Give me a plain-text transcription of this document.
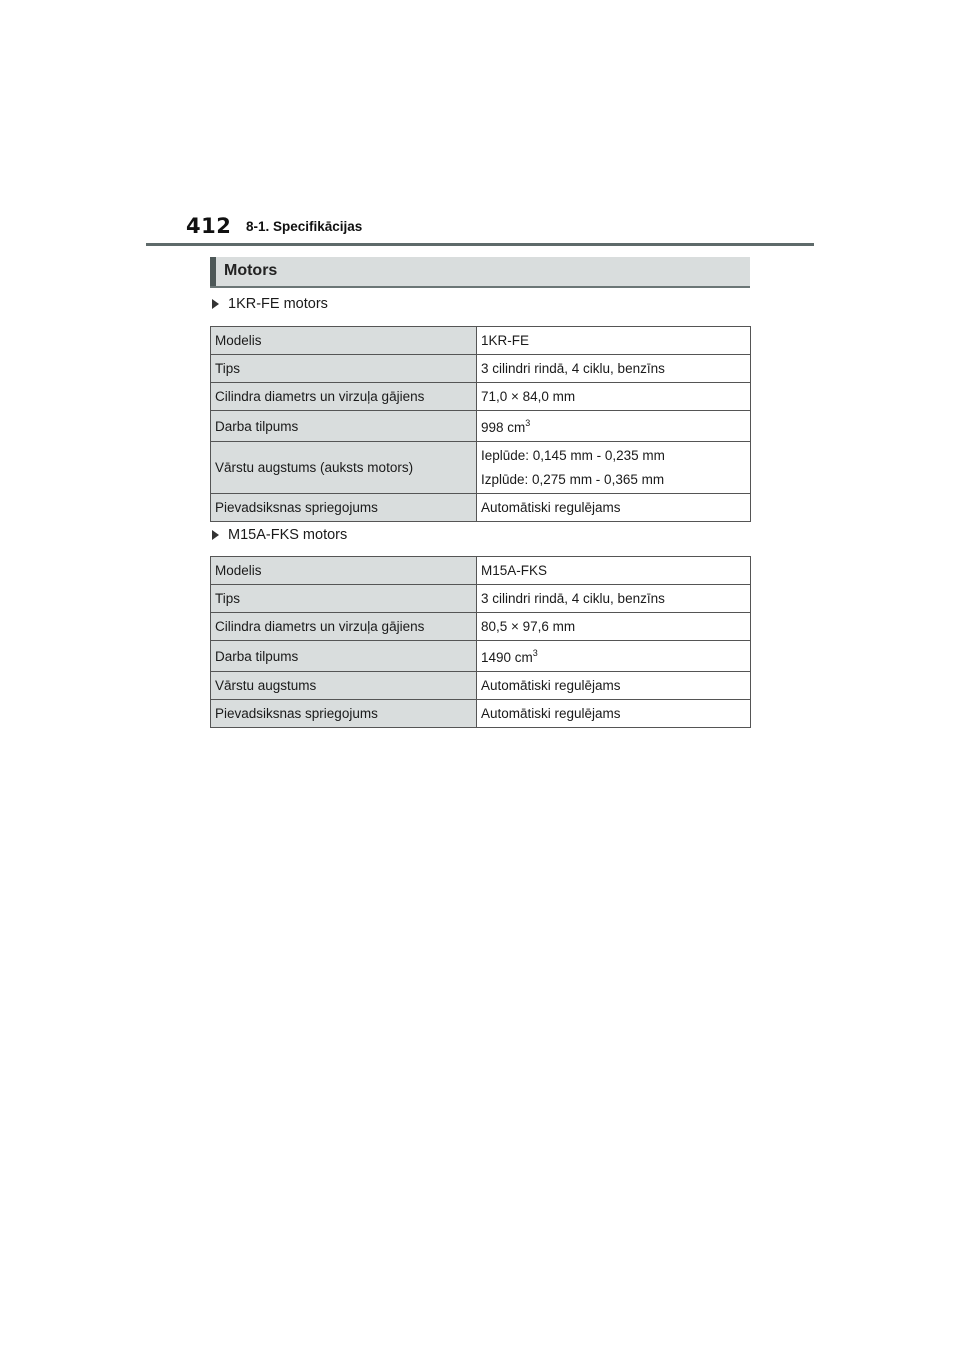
412 8-1. Specifikācijas
Motors
1KR-FE motors
Modelis	1KR-FE
Tips	3 cilindri rindā, 4 ciklu, benzīns
Cilindra diametrs un virzuļa gājiens	71,0 × 84,0 mm
Darba tilpums	998 $cm^3$
Vārstu augstums (auksts motors)	Ieplūde: 0,145 mm - 0,235 mm
Izplūde: 0,275 mm - 0,365 mm

Pievadsiksnas spriegojums	Automātiski regulējams
M15A-FKS motors
Modelis	M15A-FKS
Tips	3 cilindri rindā, 4 ciklu, benzīns
Cilindra diametrs un virzuļa gājiens	80,5 × 97,6 mm
Darba tilpums	1490 $cm^3$
Vārstu augstums	Automātiski regulējams
Pievadsiksnas spriegojums	Automātiski regulējams
